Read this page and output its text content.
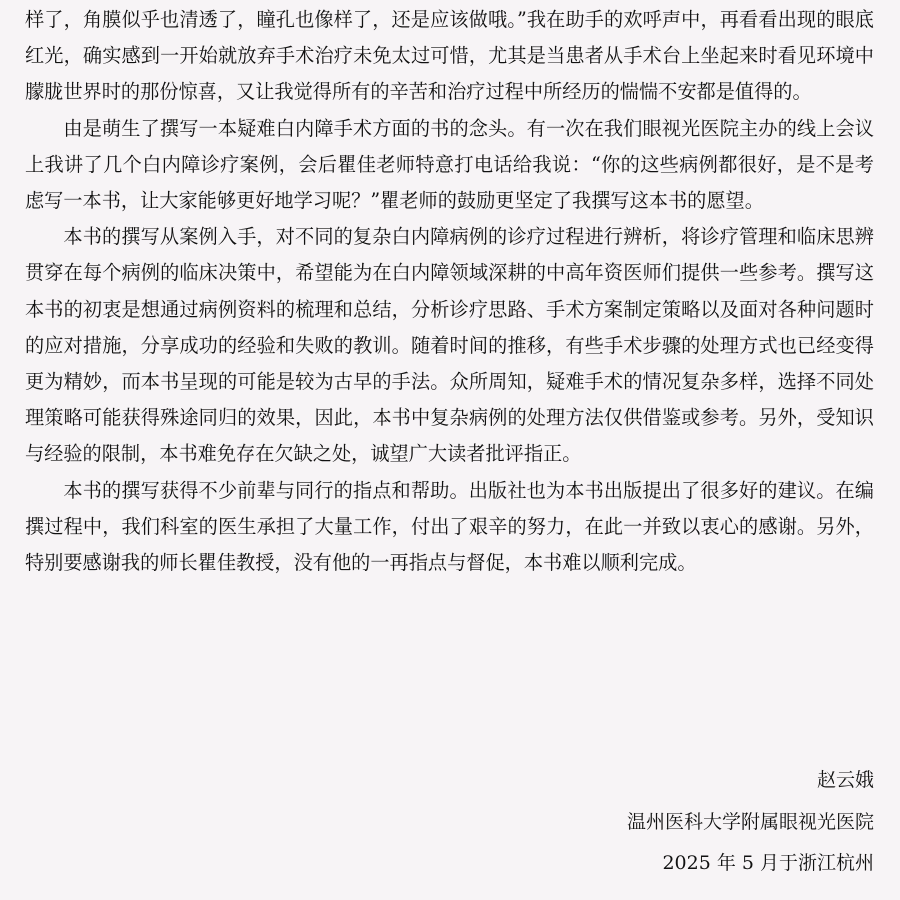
样了，角膜似乎也清透了，瞳孔也像样了，还是应该做哦。”我在助手的欢呼声中，再看看出现的眼底红光，确实感到一开始就放弃手术治疗未免太过可惜，尤其是当患者从手术台上坐起来时看见环境中朦胧世界时的那份惊喜，又让我觉得所有的辛苦和治疗过程中所经历的惴惴不安都是值得的。

由是萌生了撰写一本疑难白内障手术方面的书的念头。有一次在我们眼视光医院主办的线上会议上我讲了几个白内障诊疗案例，会后瞿佳老师特意打电话给我说：“你的这些病例都很好，是不是考虑写一本书，让大家能够更好地学习呢？”瞿老师的鼓励更坚定了我撰写这本书的愿望。

本书的撰写从案例入手，对不同的复杂白内障病例的诊疗过程进行辨析，将诊疗管理和临床思辨贯穿在每个病例的临床决策中，希望能为在白内障领域深耕的中高年资医师们提供一些参考。撰写这本书的初衷是想通过病例资料的梳理和总结，分析诊疗思路、手术方案制定策略以及面对各种问题时的应对措施，分享成功的经验和失败的教训。随着时间的推移，有些手术步骤的处理方式也已经变得更为精妙，而本书呈现的可能是较为古早的手法。众所周知，疑难手术的情况复杂多样，选择不同处理策略可能获得殊途同归的效果，因此，本书中复杂病例的处理方法仅供借鉴或参考。另外，受知识与经验的限制，本书难免存在欠缺之处，诚望广大读者批评指正。

本书的撰写获得不少前辈与同行的指点和帮助。出版社也为本书出版提出了很多好的建议。在编撰过程中，我们科室的医生承担了大量工作，付出了艰辛的努力，在此一并致以衷心的感谢。另外，特别要感谢我的师长瞿佳教授，没有他的一再指点与督促，本书难以顺利完成。

赵云娥
温州医科大学附属眼视光医院
2025 年 5 月于浙江杭州
